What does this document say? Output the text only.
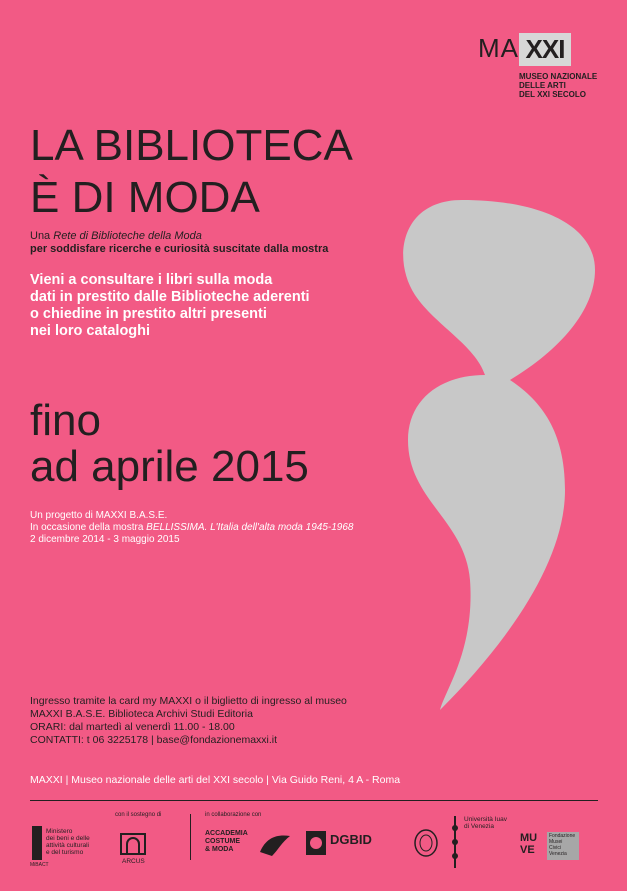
MA XXI
MUSEO NAZIONALE
DELLE ARTI
DEL XXI SECOLO
LA BIBLIOTECA
È DI MODA
Una Rete di Biblioteche della Moda
per soddisfare ricerche e curiosità suscitate dalla mostra
Vieni a consultare i libri sulla moda
dati in prestito dalle Biblioteche aderenti
o chiedine in prestito altri presenti
nei loro cataloghi
fino
ad aprile 2015
Un progetto di MAXXI B.A.S.E.
In occasione della mostra BELLISSIMA. L'Italia dell'alta moda 1945-1968
2 dicembre 2014 - 3 maggio 2015
Ingresso tramite la card my MAXXI o il biglietto di ingresso al museo
MAXXI B.A.S.E. Biblioteca Archivi Studi Editoria
ORARI: dal martedì al venerdì 11.00 - 18.00
CONTATTI: t 06 3225178 | base@fondazionemaxxi.it
MAXXI | Museo nazionale delle arti del XXI secolo | Via Guido Reni, 4 A - Roma
con il sostegno di	in collaborazione con
MiBACT
Ministero
dei beni e delle
attività culturali
e del turismo
ARCUS
ACCADEMIA
COSTUME
& MODA
DGBID
Università Iuav
di Venezia
MU
VE
Fondazione
Musei
Civici
Venezia
